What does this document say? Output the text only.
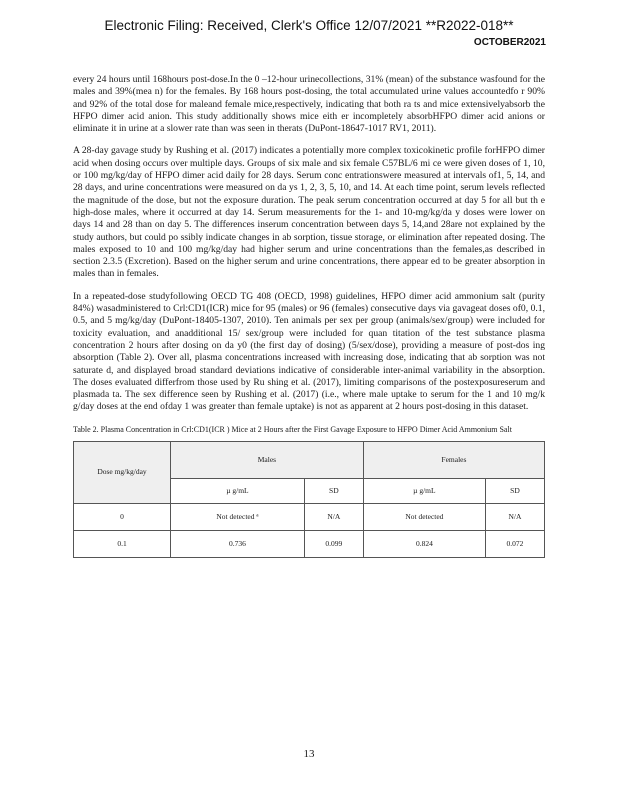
Electronic Filing: Received, Clerk's Office 12/07/2021 **R2022-018**
OCTOBER2021

every 24 hours until 168hours post-dose.In the 0 –12-hour urinecollections, 31% (mean) of the substance wasfound for the males and 39%(mea n) for the females. By 168 hours post-dosing, the total accumulated urine values accountedfo r 90% and 92% of the total dose for maleand female mice,respectively, indicating that both ra ts and mice extensivelyabsorb the HFPO dimer acid anion. This study additionally shows mice eith er incompletely absorbHFPO dimer acid anions or eliminate it in urine at a slower rate than was seen in therats (DuPont-18647-1017 RV1, 2011).

A 28-day gavage study by Rushing et al. (2017) indicates a potentially more complex toxicokinetic profile forHFPO dimer acid when dosing occurs over multiple days. Groups of six male and six female C57BL/6 mi ce were given doses of 1, 10, or 100 mg/kg/day of HFPO dimer acid daily for 28 days. Serum conc entrationswere measured at intervals of1, 5, 14, and 28 days, and urine concentrations were measured on da ys 1, 2, 3, 5, 10, and 14. At each time point, serum levels reflected the magnitude of the dose, but not the exposure duration. The peak serum concentration occurred at day 5 for all but th e high-dose males, where it occurred at day 14. Serum measurements for the 1- and 10-mg/kg/da y doses were lower on days 14 and 28 than on day 5. The differences inserum concentration between days 5, 14,and 28are not explained by the study authors, but could po ssibly indicate changes in ab sorption, tissue storage, or elimination after repeated dosing. The males exposed to 10 and 100 mg/kg/day had higher serum and urine concentrations than the females,as described in section 2.3.5 (Excretion). Based on the higher serum and urine concentrations, there appear ed to be greater absorption in males than in females.

In a repeated-dose studyfollowing OECD TG 408 (OECD, 1998) guidelines, HFPO dimer acid ammonium salt (purity 84%) wasadministered to Crl:CD1(ICR) mice for 95 (males) or 96 (females) consecutive days via gavageat doses of0, 0.1, 0.5, and 5 mg/kg/day (DuPont-18405-1307, 2010). Ten animals per sex per group (animals/sex/group) were included for toxicity evaluation, and anadditional 15/ sex/group were included for quan titation of the test substance plasma concentration 2 hours after dosing on da y0 (the first day of dosing) (5/sex/dose), providing a measure of post-dos ing absorption (Table 2). Over all, plasma concentrations increased with increasing dose, indicating that ab sorption was not saturate d, and displayed broad standard deviations indicative of considerable inter-animal variability in the absorption. The doses evaluated differfrom those used by Ru shing et al. (2017), limiting comparisons of the postexposureserum and plasmada ta. The sex difference seen by Rushing et al. (2017) (i.e., where male uptake to serum for the 1 and 10 mg/k g/day doses at the end ofday 1 was greater than female uptake) is not as apparent at 2 hours post-dosing in this dataset.

Table 2. Plasma Concentration in Crl:CD1(ICR ) Mice at 2 Hours after the First Gavage Exposure to HFPO Dimer Acid Ammonium Salt
Dose mg/kg/day	Males		Females	
	µ g/mL	SD	µ g/mL	SD
0	Not detected ª	N/A	Not detected	N/A
0.1	0.736	0.099	0.824	0.072
13
